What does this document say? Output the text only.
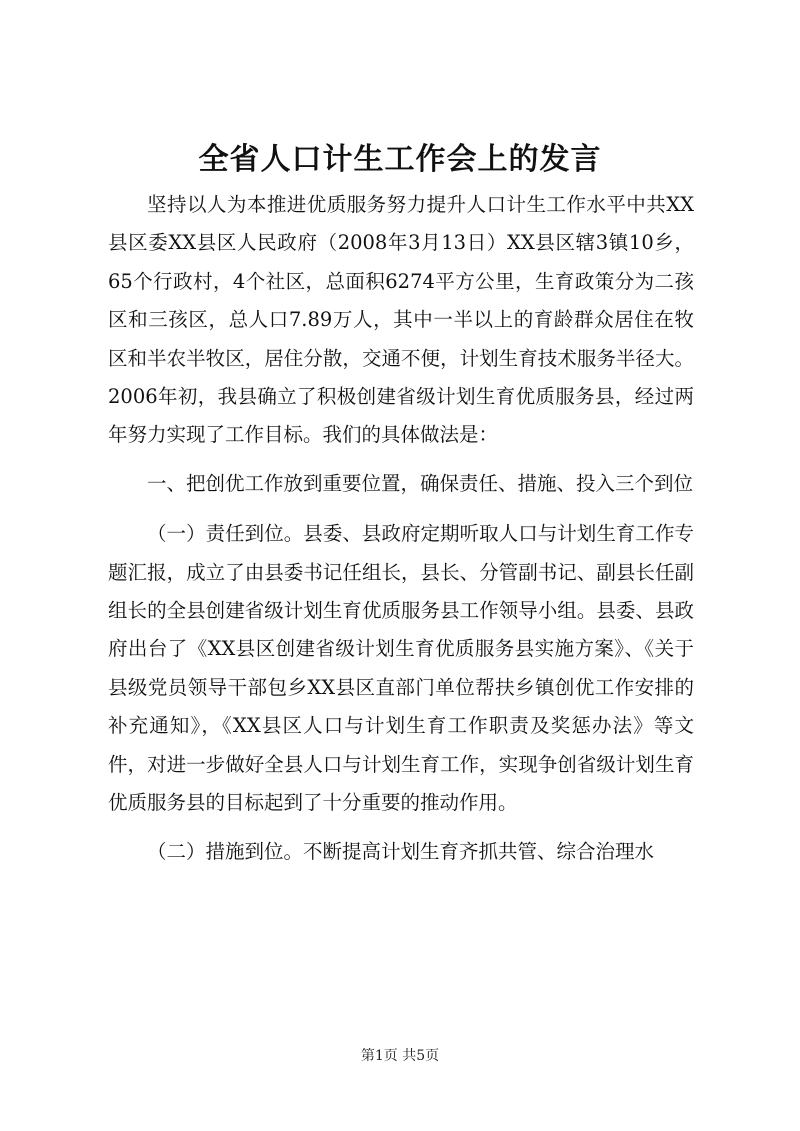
全省人口计生工作会上的发言

坚持以人为本推进优质服务努力提升人口计生工作水平中共XX县区委XX县区人民政府（2008年3月13日）XX县区辖3镇10乡，65个行政村，4个社区，总面积6274平方公里，生育政策分为二孩区和三孩区，总人口7.89万人，其中一半以上的育龄群众居住在牧区和半农半牧区，居住分散，交通不便，计划生育技术服务半径大。2006年初，我县确立了积极创建省级计划生育优质服务县，经过两年努力实现了工作目标。我们的具体做法是：

一、把创优工作放到重要位置，确保责任、措施、投入三个到位

（一）责任到位。县委、县政府定期听取人口与计划生育工作专题汇报，成立了由县委书记任组长，县长、分管副书记、副县长任副组长的全县创建省级计划生育优质服务县工作领导小组。县委、县政府出台了《XX县区创建省级计划生育优质服务县实施方案》、《关于县级党员领导干部包乡XX县区直部门单位帮扶乡镇创优工作安排的补充通知》，《XX县区人口与计划生育工作职责及奖惩办法》等文件，对进一步做好全县人口与计划生育工作，实现争创省级计划生育优质服务县的目标起到了十分重要的推动作用。

（二）措施到位。不断提高计划生育齐抓共管、综合治理水

第1页 共5页
